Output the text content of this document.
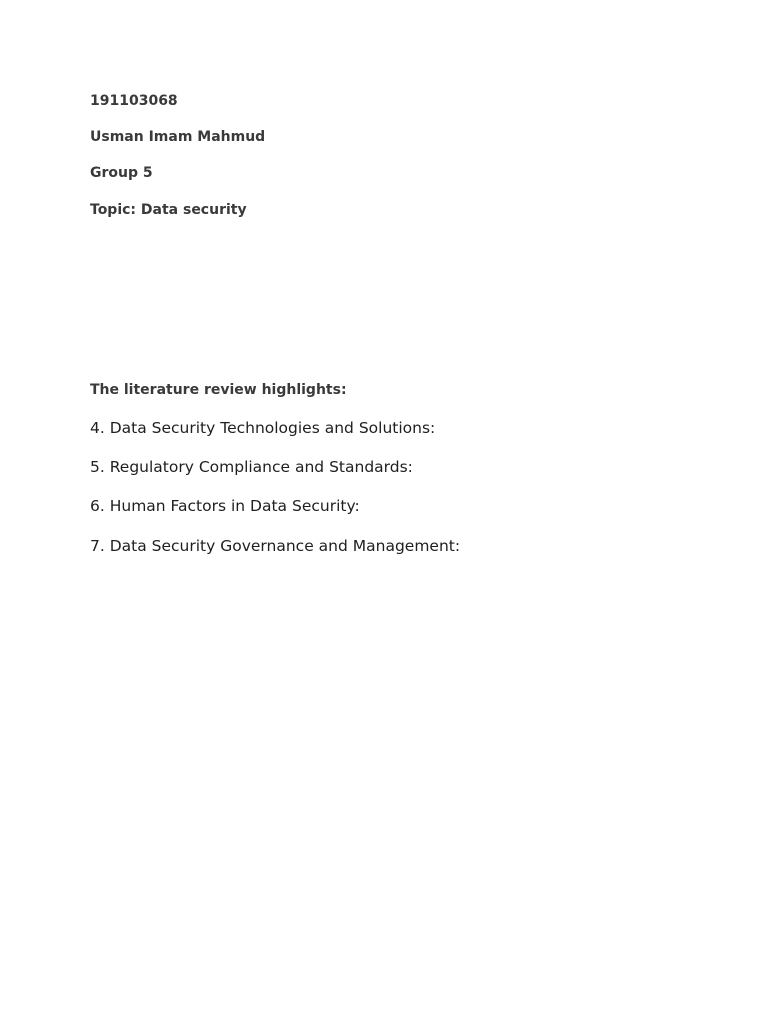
191103068
Usman Imam Mahmud
Group 5
Topic: Data security
The literature review highlights:
4. Data Security Technologies and Solutions:
5. Regulatory Compliance and Standards:
6. Human Factors in Data Security:
7. Data Security Governance and Management:
